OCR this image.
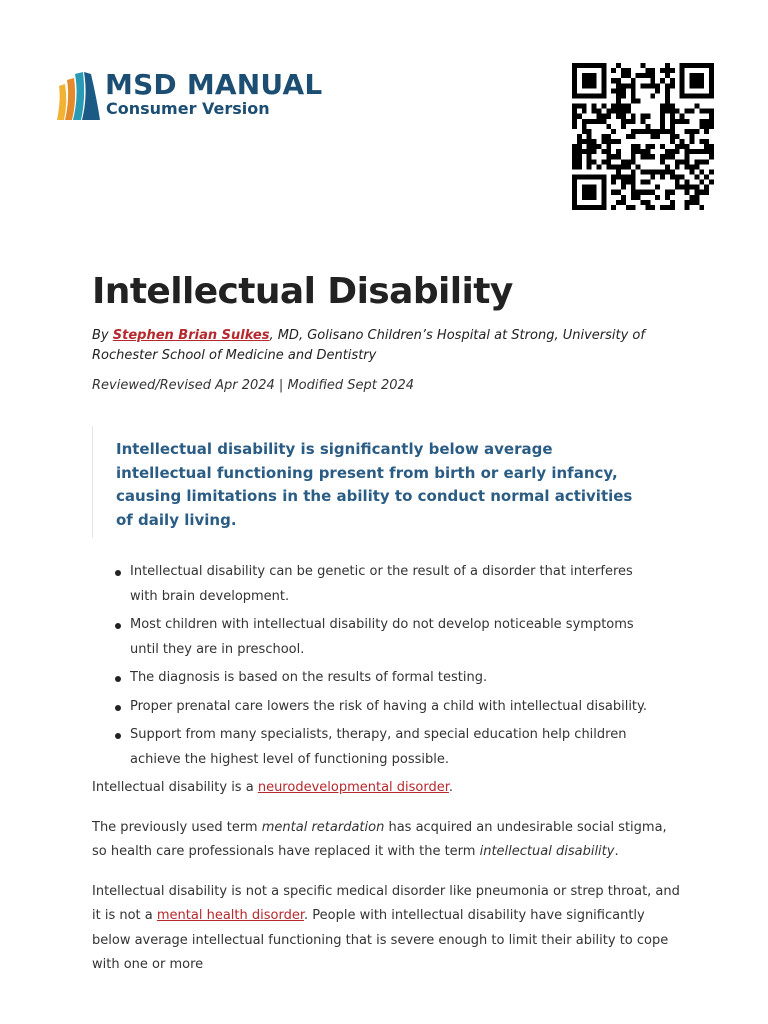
MSD MANUAL
Consumer Version
Intellectual Disability
By Stephen Brian Sulkes, MD, Golisano Children’s Hospital at Strong, University of Rochester School of Medicine and Dentistry
Reviewed/Revised Apr 2024 | Modified Sept 2024

Intellectual disability is significantly below average intellectual functioning present from birth or early infancy, causing limitations in the ability to conduct normal activities of daily living.

Intellectual disability can be genetic or the result of a disorder that interferes with brain development.
Most children with intellectual disability do not develop noticeable symptoms until they are in preschool.
The diagnosis is based on the results of formal testing.
Proper prenatal care lowers the risk of having a child with intellectual disability.
Support from many specialists, therapy, and special education help children achieve the highest level of functioning possible.

Intellectual disability is a neurodevelopmental disorder.

The previously used term mental retardation has acquired an undesirable social stigma, so health care professionals have replaced it with the term intellectual disability.

Intellectual disability is not a specific medical disorder like pneumonia or strep throat, and it is not a mental health disorder. People with intellectual disability have significantly below average intellectual functioning that is severe enough to limit their ability to cope with one or more
